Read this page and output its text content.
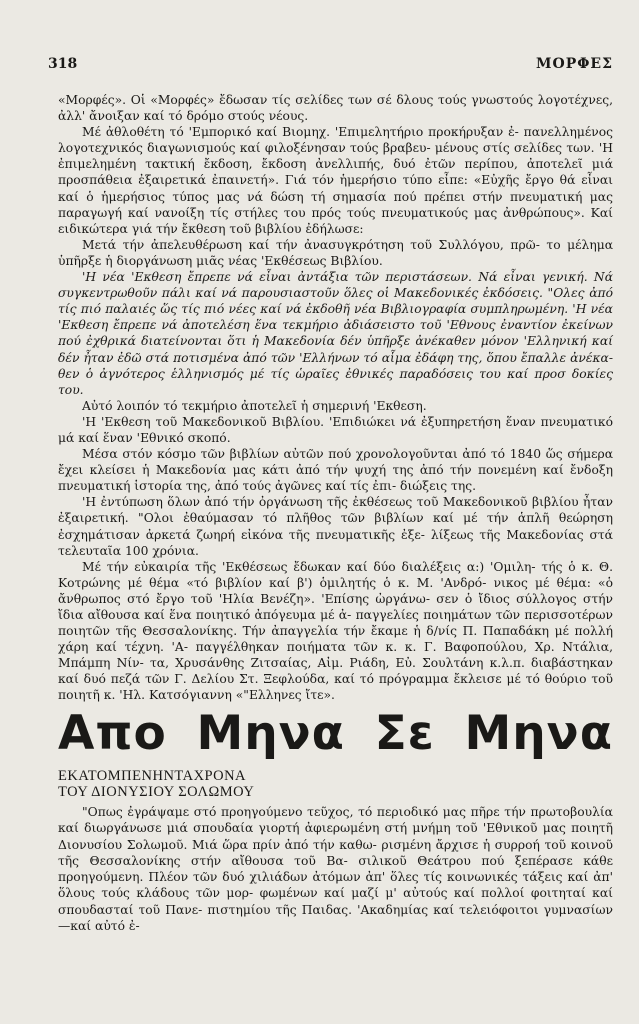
318	ΜΟΡΦΕΣ

«Μορφές». Οἱ «Μορφές» ἔδωσαν τίς σελίδες των σέ δλους τούς γνωστούς λογοτέχνες, ἀλλ' ἄνοιξαν καί τό δρόμο στούς νέους.

Μέ ἀθλοθέτη τό 'Εμπορικό καί Βιομηχ. 'Επιμελητήριο προκήρυξαν ἐ- πανελλημένος λογοτεχνικός διαγωνισμούς καί φιλοξένησαν τούς βραβευ- μένους στίς σελίδες των. 'Η ἐπιμελημένη τακτική ἔκδοση, ἔκδοση ἀνελλιπής, δυό ἐτῶν περίπου, ἀποτελεῖ μιά προσπάθεια ἐξαιρετικά ἐπαινετή». Γιά τόν ἡμερήσιο τύπο εἶπε: «Εὐχῆς ἔργο θά εἶναι καί ὁ ἡμερήσιος τύπος μας νά δώση τή σημασία πού πρέπει στήν πνευματική μας παραγωγή καί νανοίξη τίς στήλες του πρός τούς πνευματικούς μας ἀνθρώπους». Καί ειδικώτερα γιά τήν ἔκθεση τοῦ βιβλίου ἐδήλωσε:

Μετά τήν ἀπελευθέρωση καί τήν ἀνασυγκρότηση τοῦ Συλλόγου, πρῶ- το μέλημα ὑπῆρξε ἡ διοργάνωση μιᾶς νέας 'Εκθέσεως Βιβλίου.

'Η νέα 'Εκθεση ἔπρεπε νά εἶναι ἀντάξια τῶν περιστάσεων. Νά εἶναι γενική. Νά συγκεντρωθοῦν πάλι καί νά παρουσιαστοῦν ὅλες οἱ Μακεδονικές ἐκδόσεις. "Ολες ἀπό τίς πιό παλαιές ὥς τίς πιό νέες καί νά ἐκδοθῆ νέα Βιβλιογραφία συμπληρωμένη. 'Η νέα 'Εκθεση ἔπρεπε νά ἀποτελέση ἕνα τεκμήριο ἀδιάσειστο τοῦ 'Εθνους ἐναντίον ἐκείνων πού ἐχθρικά διατείνονται ὅτι ἡ Μακεδονία δέν ὑπῆρξε ἀνέκαθεν μόνον 'Ελληνική καί δέν ἦταν ἐδῶ στά ποτισμένα ἀπό τῶν 'Ελλήνων τό αἷμα ἐδάφη της, ὅπου ἔπαλλε ἀνέκα- θεν ὁ ἀγνότερος ἑλληνισμός μέ τίς ὡραῖες ἐθνικές παραδόσεις του καί προσ δοκίες του.

Αὐτό λοιπόν τό τεκμήριο ἀποτελεῖ ἡ σημερινή 'Εκθεση.

'Η 'Εκθεση τοῦ Μακεδονικοῦ Βιβλίου. 'Επιδιώκει νά ἐξυπηρετήση ἕναν πνευματικό μά καί ἕναν 'Εθνικό σκοπό.

Μέσα στόν κόσμο τῶν βιβλίων αὐτῶν πού χρονολογοῦνται ἀπό τό 1840 ὥς σήμερα ἔχει κλείσει ἡ Μακεδονία μας κάτι ἀπό τήν ψυχή της ἀπό τήν πονεμένη καί ἔνδοξη πνευματική ἱστορία της, ἀπό τούς ἀγῶνες καί τίς ἐπι- διώξεις της.

'Η ἐντύπωση ὅλων ἀπό τήν ὀργάνωση τῆς ἐκθέσεως τοῦ Μακεδονικοῦ βιβλίου ἦταν ἐξαιρετική. "Ολοι ἐθαύμασαν τό πλῆθος τῶν βιβλίων καί μέ τήν ἁπλῆ θεώρηση ἐσχημάτισαν ἀρκετά ζωηρή εἰκόνα τῆς πνευματικῆς ἐξε- λίξεως τῆς Μακεδονίας στά τελευταῖα 100 χρόνια.

Μέ τήν εὐκαιρία τῆς 'Εκθέσεως ἔδωκαν καί δύο διαλέξεις α:) 'Ομιλη- τής ὁ κ. Θ. Κοτρώνης μέ θέμα «τό βιβλίον καί β') ὁμιλητής ὁ κ. Μ. 'Ανδρό- νικος μέ θέμα: «ὁ ἄνθρωπος στό ἔργο τοῦ 'Ηλία Βενέζη». 'Επίσης ὠργάνω- σεν ὁ ἴδιος σύλλογος στήν ἴδια αἴθουσα καί ἕνα ποιητικό ἀπόγευμα μέ ἀ- παγγελίες ποιημάτων τῶν περισσοτέρων ποιητῶν τῆς Θεσσαλονίκης. Τήν ἀπαγγελία τήν ἔκαμε ἡ δ/νίς Π. Παπαδάκη μέ πολλή χάρη καί τέχνη. 'Α- παγγέλθηκαν ποιήματα τῶν κ. κ. Γ. Βαφοπούλου, Χρ. Ντάλια, Μπάμπη Νίν- τα, Χρυσάνθης Ζιτσαίας, Αἰμ. Ριάδη, Εὐ. Σουλτάνη κ.λ.π. διαβάστηκαν καί δυό πεζά τῶν Γ. Δελίου Στ. Ξεφλούδα, καί τό πρόγραμμα ἔκλεισε μέ τό θούριο τοῦ ποιητῆ κ. 'Ηλ. Κατσόγιαννη «"Ελληνες ἴτε».

Απο Μηνα Σε Μηνα
ΕΚΑΤΟΜΠΕΝΗΝΤΑΧΡΟΝΑ
ΤΟΥ ΔΙΟΝΥΣΙΟΥ ΣΟΛΩΜΟΥ

"Οπως ἐγράψαμε στό προηγούμενο τεῦχος, τό περιοδικό μας πῆρε τήν πρωτοβουλία καί διωργάνωσε μιά σπουδαία γιορτή ἀφιερωμένη στή μνήμη τοῦ 'Εθνικοῦ μας ποιητῆ Διονυσίου Σολωμοῦ. Μιά ὥρα πρίν ἀπό τήν καθω- ρισμένη ἄρχισε ἡ συρροή τοῦ κοινοῦ τῆς Θεσσαλονίκης στήν αἴθουσα τοῦ Βα- σιλικοῦ Θεάτρου πού ξεπέρασε κάθε προηγούμενη. Πλέον τῶν δυό χιλιάδων ἀτόμων ἀπ' ὅλες τίς κοινωνικές τάξεις καί ἀπ' ὅλους τούς κλάδους τῶν μορ- φωμένων καί μαζί μ' αὐτούς καί πολλοί φοιτηταί καί σπουδασταί τοῦ Πανε- πιστημίου τῆς Παιδας. 'Ακαδημίας καί τελειόφοιτοι γυμνασίων—καί αὐτό ἐ-
